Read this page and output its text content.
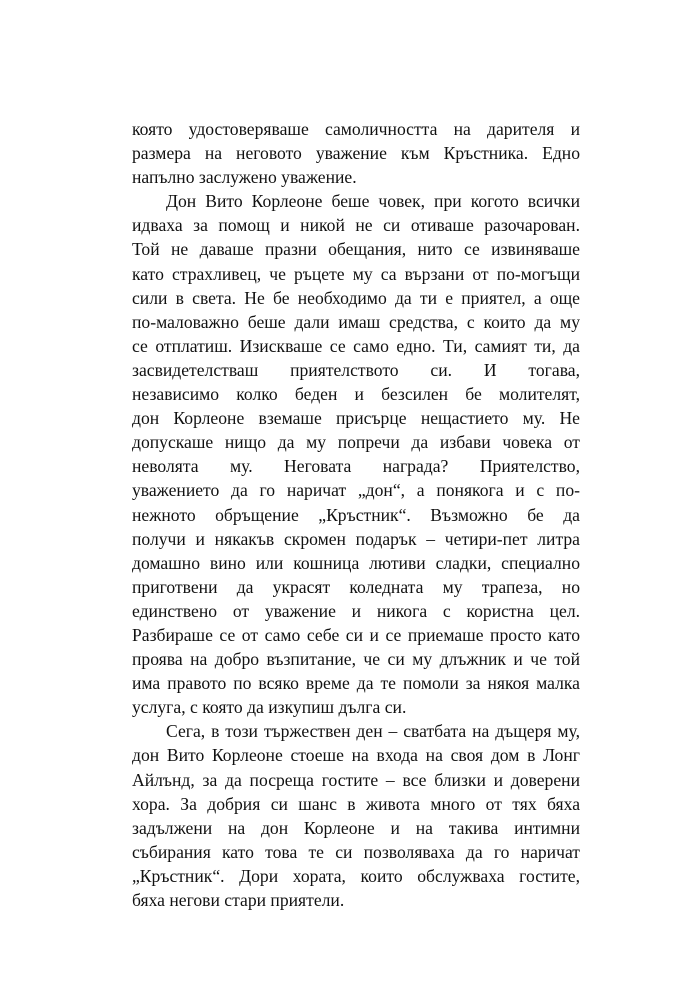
която удостоверяваше самоличността на дарителя и
размера на неговото уважение към Кръстника. Едно
напълно заслужено уважение.
Дон Вито Корлеоне беше човек, при когото всички
идваха за помощ и никой не си отиваше разочарован.
Той не даваше празни обещания, нито се извиняваше
като страхливец, че ръцете му са вързани от по-могъщи
сили в света. Не бе необходимо да ти е приятел, а още
по-маловажно беше дали имаш средства, с които да му
се отплатиш. Изискваше се само едно. Ти, самият ти, да
засвидетелстваш приятелството си. И тогава,
независимо колко беден и безсилен бе молителят,
дон Корлеоне вземаше присърце нещастието му. Не
допускаше нищо да му попречи да избави човека от
неволята му. Неговата награда? Приятелство,
уважението да го наричат „дон“, а понякога и с по-
нежното обръщение „Кръстник“. Възможно бе да
получи и някакъв скромен подарък – четири-пет литра
домашно вино или кошница лютиви сладки, специално
приготвени да украсят коледната му трапеза, но
единствено от уважение и никога с користна цел.
Разбираше се от само себе си и се приемаше просто като
проява на добро възпитание, че си му длъжник и че той
има правото по всяко време да те помоли за някоя малка
услуга, с която да изкупиш дълга си.
Сега, в този тържествен ден – сватбата на дъщеря му,
дон Вито Корлеоне стоеше на входа на своя дом в Лонг
Айлънд, за да посреща гостите – все близки и доверени
хора. За добрия си шанс в живота много от тях бяха
задължени на дон Корлеоне и на такива интимни
събирания като това те си позволяваха да го наричат
„Кръстник“. Дори хората, които обслужваха гостите,
бяха негови стари приятели.
